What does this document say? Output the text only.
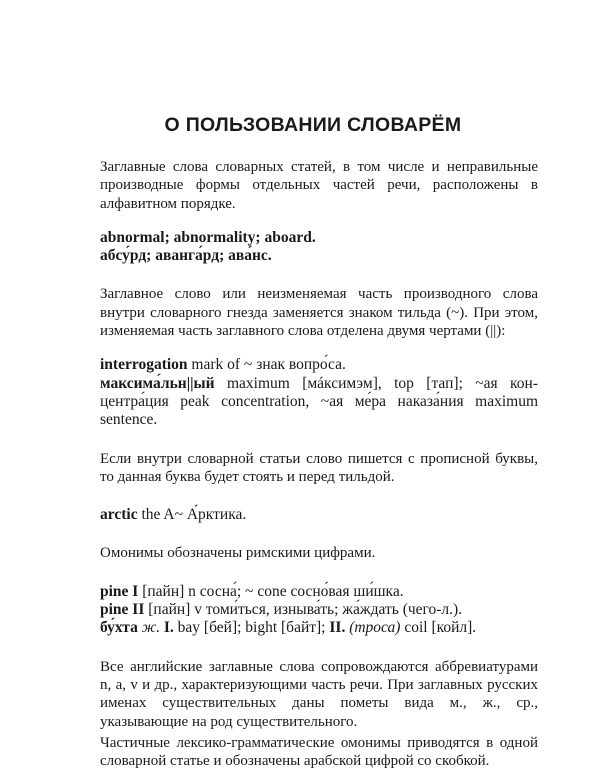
О ПОЛЬЗОВАНИИ СЛОВАРЁМ

Заглавные слова словарных статей, в том числе и неправильные производные формы отдельных частей речи, расположены в алфавитном порядке.

abnormal; abnormality; aboard.

абсу́рд; аванга́рд; ава́нс.

Заглавное слово или неизменяемая часть производного слова внутри словарного гнезда заменяется знаком тильда (~). При этом, изменяемая часть заглавного слова отделена двумя чертами (||):

interrogation mark of ~ знак вопро́са.

максима́льн||ый maximum [мáксимэм], top [тап]; ~ая концентра́ция peak concentration, ~ая ме́ра наказа́ния maximum sentence.

Если внутри словарной статьи слово пишется с прописной буквы, то данная буква будет стоять и перед тильдой.

arctic the A~ А́рктика.

Омонимы обозначены римскими цифрами.

pine I [пайн] n сосна́; ~ cone сосно́вая ши́шка.

pine II [пайн] v томи́ться, изныва́ть; жа́ждать (чего-л.).

бу́хта ж. I. bay [бей]; bight [байт]; II. (троса) coil [койл].

Все английские заглавные слова сопровождаются аббревиатурами n, a, v и др., характеризующими часть речи. При заглавных русских именах существительных даны пометы вида м., ж., ср., указывающие на род существительного.

Частичные лексико-грамматические омонимы приводятся в одной словарной статье и обозначены арабской цифрой со скобкой.
